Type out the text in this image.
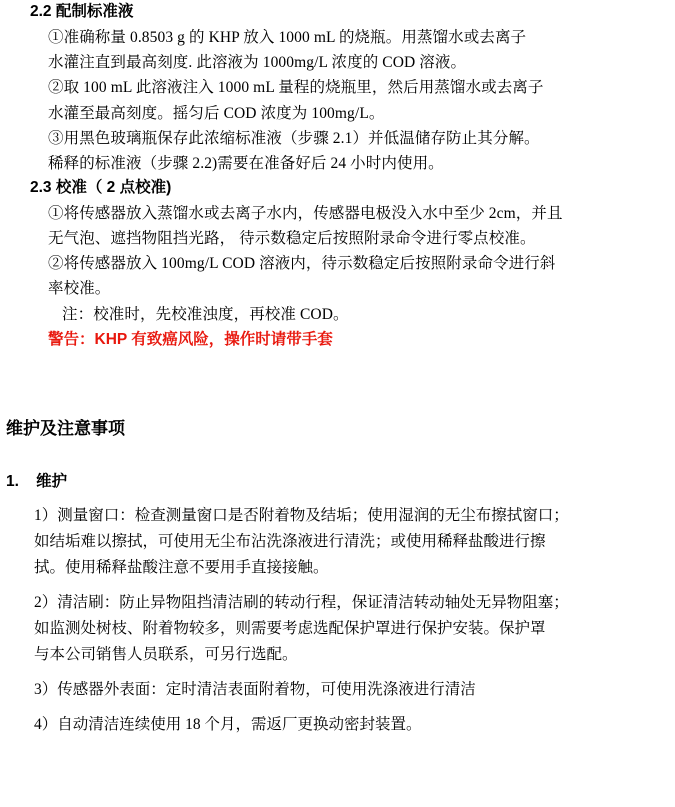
2.2 配制标准液
①准确称量 0.8503 g 的 KHP 放入 1000 mL 的烧瓶。用蒸馏水或去离子
水灌注直到最高刻度. 此溶液为 1000mg/L 浓度的 COD 溶液。
②取 100 mL 此溶液注入 1000 mL 量程的烧瓶里，然后用蒸馏水或去离子
水灌至最高刻度。摇匀后 COD 浓度为 100mg/L。
③用黑色玻璃瓶保存此浓缩标准液（步骤 2.1）并低温储存防止其分解。
稀释的标准液（步骤 2.2)需要在准备好后 24 小时内使用。
2.3 校准（ 2 点校准)
①将传感器放入蒸馏水或去离子水内，传感器电极没入水中至少 2cm，并且
无气泡、遮挡物阻挡光路， 待示数稳定后按照附录命令进行零点校准。
②将传感器放入 100mg/L COD 溶液内，待示数稳定后按照附录命令进行斜
率校准。
注：校准时，先校准浊度，再校准 COD。
警告：KHP 有致癌风险，操作时请带手套
维护及注意事项
1. 维护
1）测量窗口：检查测量窗口是否附着物及结垢；使用湿润的无尘布擦拭窗口；
如结垢难以擦拭，可使用无尘布沾洗涤液进行清洗；或使用稀释盐酸进行擦
拭。使用稀释盐酸注意不要用手直接接触。
2）清洁刷：防止异物阻挡清洁刷的转动行程，保证清洁转动轴处无异物阻塞；
如监测处树枝、附着物较多，则需要考虑选配保护罩进行保护安装。保护罩
与本公司销售人员联系，可另行选配。
3）传感器外表面：定时清洁表面附着物，可使用洗涤液进行清洁
4）自动清洁连续使用 18 个月，需返厂更换动密封装置。
